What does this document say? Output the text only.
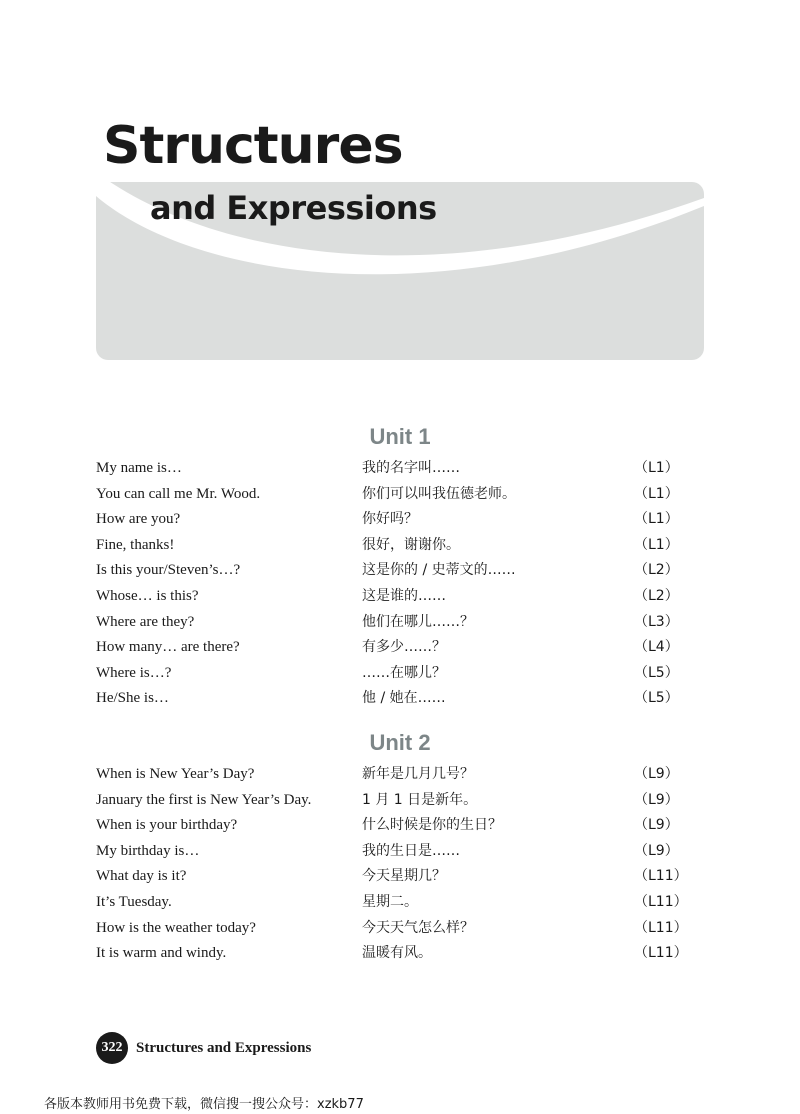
Structures
and Expressions
Unit 1
My name is…	我的名字叫……	（L1）
You can call me Mr. Wood.	你们可以叫我伍德老师。	（L1）
How are you?	你好吗？	（L1）
Fine, thanks!	很好，谢谢你。	（L1）
Is this your/Steven’s…?	这是你的 / 史蒂文的……	（L2）
Whose… is this?	这是谁的……	（L2）
Where are they?	他们在哪儿……？	（L3）
How many… are there?	有多少……？	（L4）
Where is…?	……在哪儿？	（L5）
He/She is…	他 / 她在……	（L5）
Unit 2
When is New Year’s Day?	新年是几月几号？	（L9）
January the first is New Year’s Day.	1 月 1 日是新年。	（L9）
When is your birthday?	什么时候是你的生日？	（L9）
My birthday is…	我的生日是……	（L9）
What day is it?	今天星期几？	（L11）
It’s Tuesday.	星期二。	（L11）
How is the weather today?	今天天气怎么样？	（L11）
It is warm and windy.	温暖有风。	（L11）
322 Structures and Expressions
各版本教师用书免费下载，微信搜一搜公众号：xzkb77
